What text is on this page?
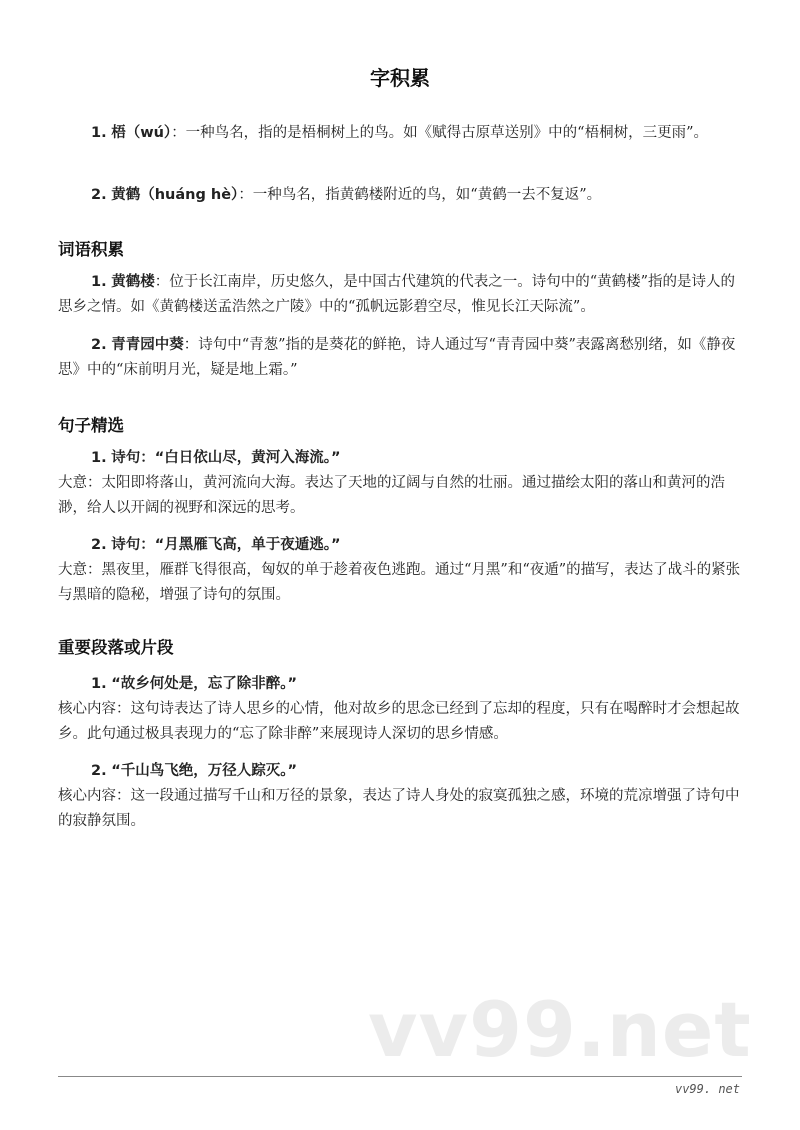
字积累
1. 梧（wú）：一种鸟名，指的是梧桐树上的鸟。如《赋得古原草送别》中的“梧桐树，三更雨”。
2. 黄鹤（huáng hè）：一种鸟名，指黄鹤楼附近的鸟，如“黄鹤一去不复返”。
词语积累
1. 黄鹤楼：位于长江南岸，历史悠久，是中国古代建筑的代表之一。诗句中的“黄鹤楼”指的是诗人的思乡之情。如《黄鹤楼送孟浩然之广陵》中的“孤帆远影碧空尽，惟见长江天际流”。
2. 青青园中葵：诗句中“青葱”指的是葵花的鲜艳，诗人通过写“青青园中葵”表露离愁别绪，如《静夜思》中的“床前明月光，疑是地上霜。”
句子精选
1. 诗句：“白日依山尽，黄河入海流。”
大意：太阳即将落山，黄河流向大海。表达了天地的辽阔与自然的壮丽。通过描绘太阳的落山和黄河的浩渺，给人以开阔的视野和深远的思考。
2. 诗句：“月黑雁飞高，单于夜遁逃。”
大意：黑夜里，雁群飞得很高，匈奴的单于趁着夜色逃跑。通过“月黑”和“夜遁”的描写，表达了战斗的紧张与黑暗的隐秘，增强了诗句的氛围。
重要段落或片段
1. “故乡何处是，忘了除非醉。”
核心内容：这句诗表达了诗人思乡的心情，他对故乡的思念已经到了忘却的程度，只有在喝醉时才会想起故乡。此句通过极具表现力的“忘了除非醉”来展现诗人深切的思乡情感。
2. “千山鸟飞绝，万径人踪灭。”
核心内容：这一段通过描写千山和万径的景象，表达了诗人身处的寂寞孤独之感，环境的荒凉增强了诗句中的寂静氛围。
vv99.net
vv99. net
